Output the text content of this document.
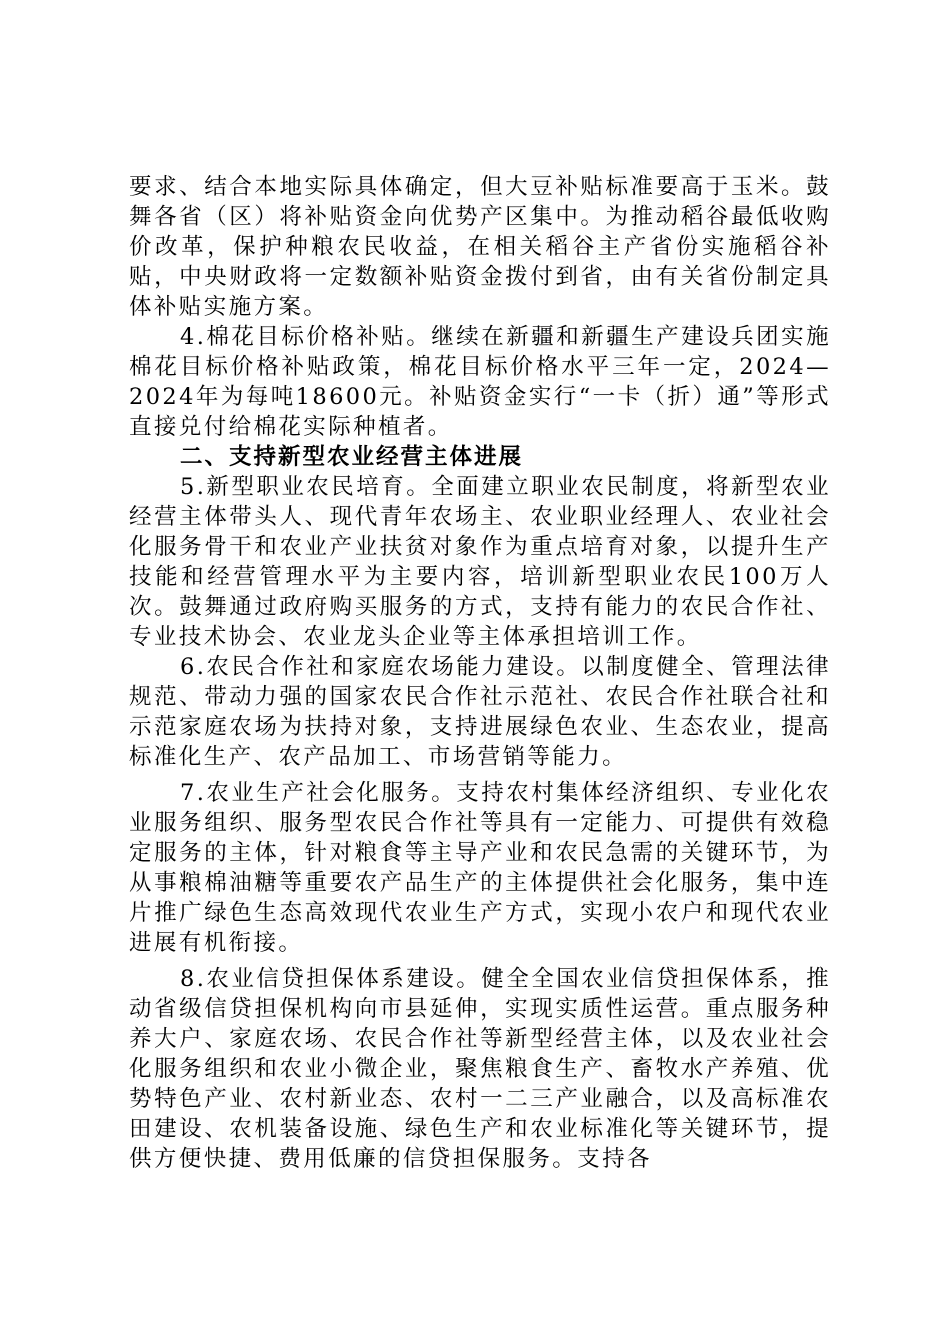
要求、结合本地实际具体确定，但大豆补贴标准要高于玉米。鼓舞各省（区）将补贴资金向优势产区集中。为推动稻谷最低收购价改革，保护种粮农民收益，在相关稻谷主产省份实施稻谷补贴，中央财政将一定数额补贴资金拨付到省，由有关省份制定具体补贴实施方案。

4.棉花目标价格补贴。继续在新疆和新疆生产建设兵团实施棉花目标价格补贴政策，棉花目标价格水平三年一定，2024—2024年为每吨18600元。补贴资金实行“一卡（折）通”等形式直接兑付给棉花实际种植者。

二、支持新型农业经营主体进展

5.新型职业农民培育。全面建立职业农民制度，将新型农业经营主体带头人、现代青年农场主、农业职业经理人、农业社会化服务骨干和农业产业扶贫对象作为重点培育对象，以提升生产技能和经营管理水平为主要内容，培训新型职业农民100万人次。鼓舞通过政府购买服务的方式，支持有能力的农民合作社、专业技术协会、农业龙头企业等主体承担培训工作。

6.农民合作社和家庭农场能力建设。以制度健全、管理法律规范、带动力强的国家农民合作社示范社、农民合作社联合社和示范家庭农场为扶持对象，支持进展绿色农业、生态农业，提高标准化生产、农产品加工、市场营销等能力。

7.农业生产社会化服务。支持农村集体经济组织、专业化农业服务组织、服务型农民合作社等具有一定能力、可提供有效稳定服务的主体，针对粮食等主导产业和农民急需的关键环节，为从事粮棉油糖等重要农产品生产的主体提供社会化服务，集中连片推广绿色生态高效现代农业生产方式，实现小农户和现代农业进展有机衔接。

8.农业信贷担保体系建设。健全全国农业信贷担保体系，推动省级信贷担保机构向市县延伸，实现实质性运营。重点服务种养大户、家庭农场、农民合作社等新型经营主体，以及农业社会化服务组织和农业小微企业，聚焦粮食生产、畜牧水产养殖、优势特色产业、农村新业态、农村一二三产业融合，以及高标准农田建设、农机装备设施、绿色生产和农业标准化等关键环节，提供方便快捷、费用低廉的信贷担保服务。支持各
